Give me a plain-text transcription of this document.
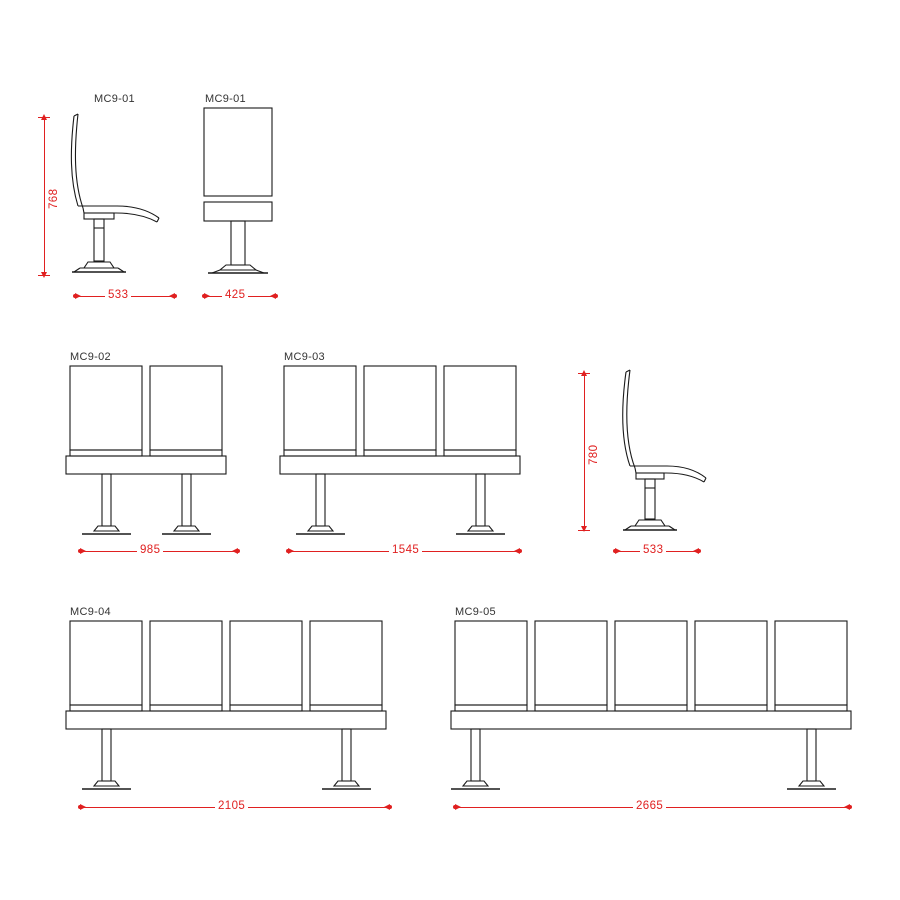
MC9-01	MC9-01
768
533	425
MC9-02	MC9-03
985	1545
780
533
MC9-04	MC9-05
2105	2665
